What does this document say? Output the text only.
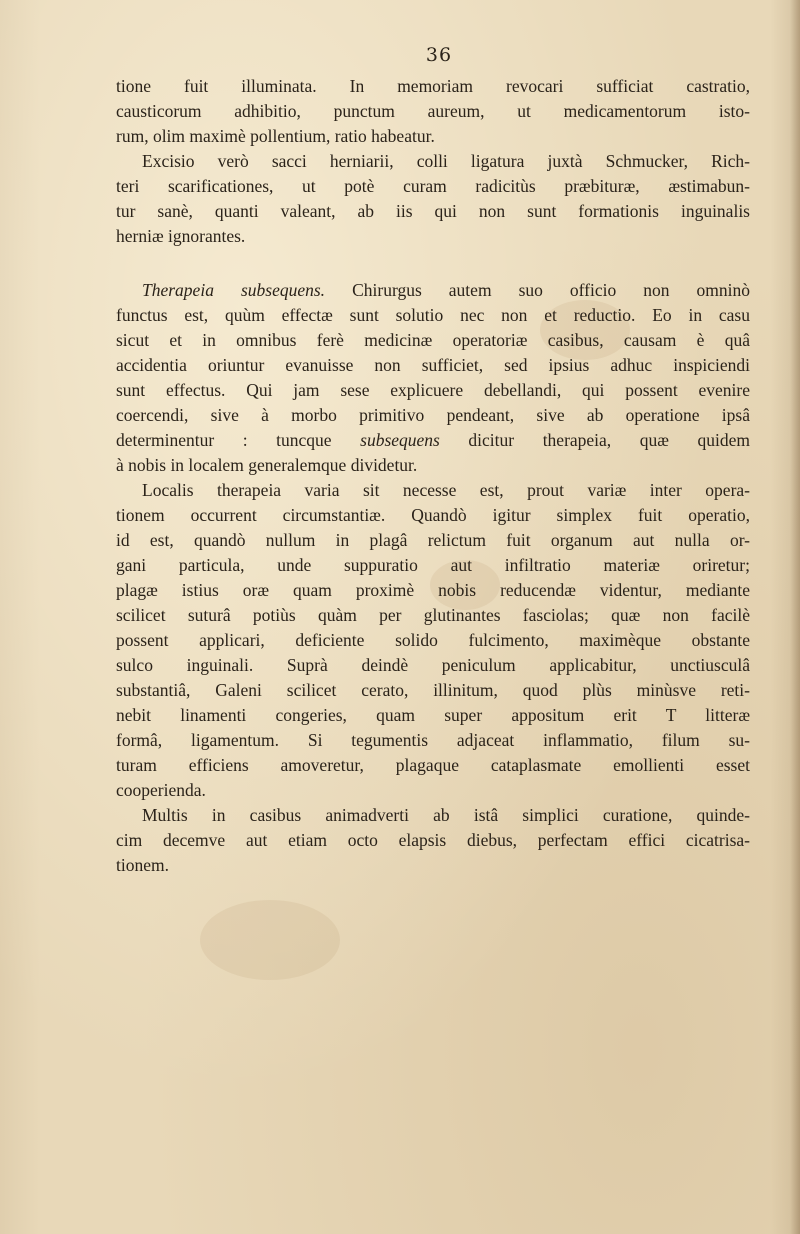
36
tione fuit illuminata. In memoriam revocari sufficiat castratio,
causticorum adhibitio, punctum aureum, ut medicamentorum isto-
rum, olim maximè pollentium, ratio habeatur.
Excisio verò sacci herniarii, colli ligatura juxtà Schmucker, Rich-
teri scarificationes, ut potè curam radicitùs præbituræ, æstimabun-
tur sanè, quanti valeant, ab iis qui non sunt formationis inguinalis
herniæ ignorantes.
Therapeia subsequens. Chirurgus autem suo officio non omninò
functus est, quùm effectæ sunt solutio nec non et reductio. Eo in casu
sicut et in omnibus ferè medicinæ operatoriæ casibus, causam è quâ
accidentia oriuntur evanuisse non sufficiet, sed ipsius adhuc inspiciendi
sunt effectus. Qui jam sese explicuere debellandi, qui possent evenire
coercendi, sive à morbo primitivo pendeant, sive ab operatione ipsâ
determinentur : tuncque subsequens dicitur therapeia, quæ quidem
à nobis in localem generalemque dividetur.
Localis therapeia varia sit necesse est, prout variæ inter opera-
tionem occurrent circumstantiæ. Quandò igitur simplex fuit operatio,
id est, quandò nullum in plagâ relictum fuit organum aut nulla or-
gani particula, unde suppuratio aut infiltratio materiæ oriretur;
plagæ istius oræ quam proximè nobis reducendæ videntur, mediante
scilicet suturâ potiùs quàm per glutinantes fasciolas; quæ non facilè
possent applicari, deficiente solido fulcimento, maximèque obstante
sulco inguinali. Suprà deindè peniculum applicabitur, unctiusculâ
substantiâ, Galeni scilicet cerato, illinitum, quod plùs minùsve reti-
nebit linamenti congeries, quam super appositum erit T litteræ
formâ, ligamentum. Si tegumentis adjaceat inflammatio, filum su-
turam efficiens amoveretur, plagaque cataplasmate emollienti esset
cooperienda.
Multis in casibus animadverti ab istâ simplici curatione, quinde-
cim decemve aut etiam octo elapsis diebus, perfectam effici cicatrisa-
tionem.
